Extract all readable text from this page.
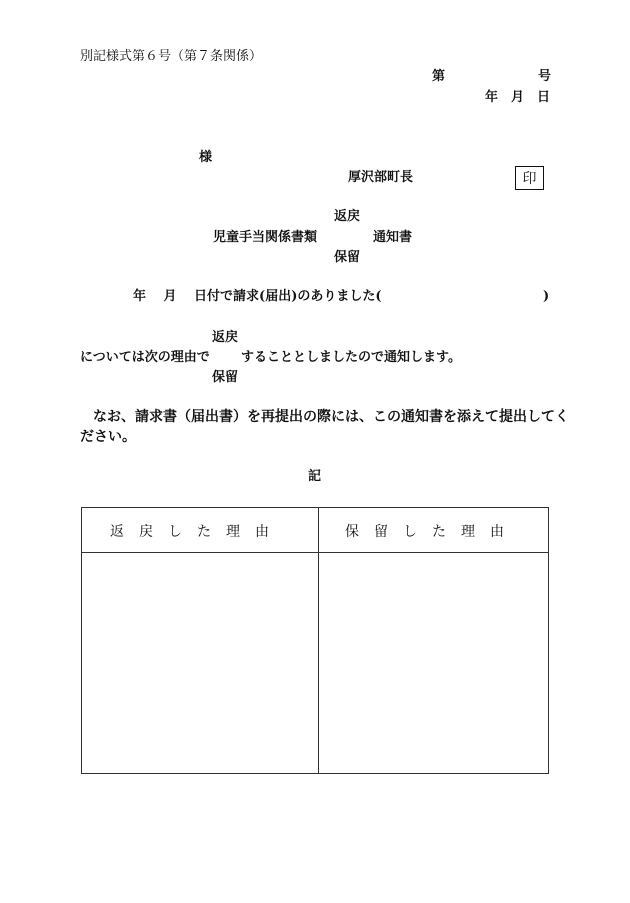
別記様式第６号（第７条関係）
第	号
年　月　日
様
厚沢部町長	印
返戻
児童手当関係書類	通知書
保留
年　 月　 日付で請求(届出)のありました(	)
返戻
については次の理由で することとしましたので通知します。
保留
なお、請求書（届出書）を再提出の際には、この通知書を添えて提出してく
ださい。
記
返戻した理由	保留した理由
